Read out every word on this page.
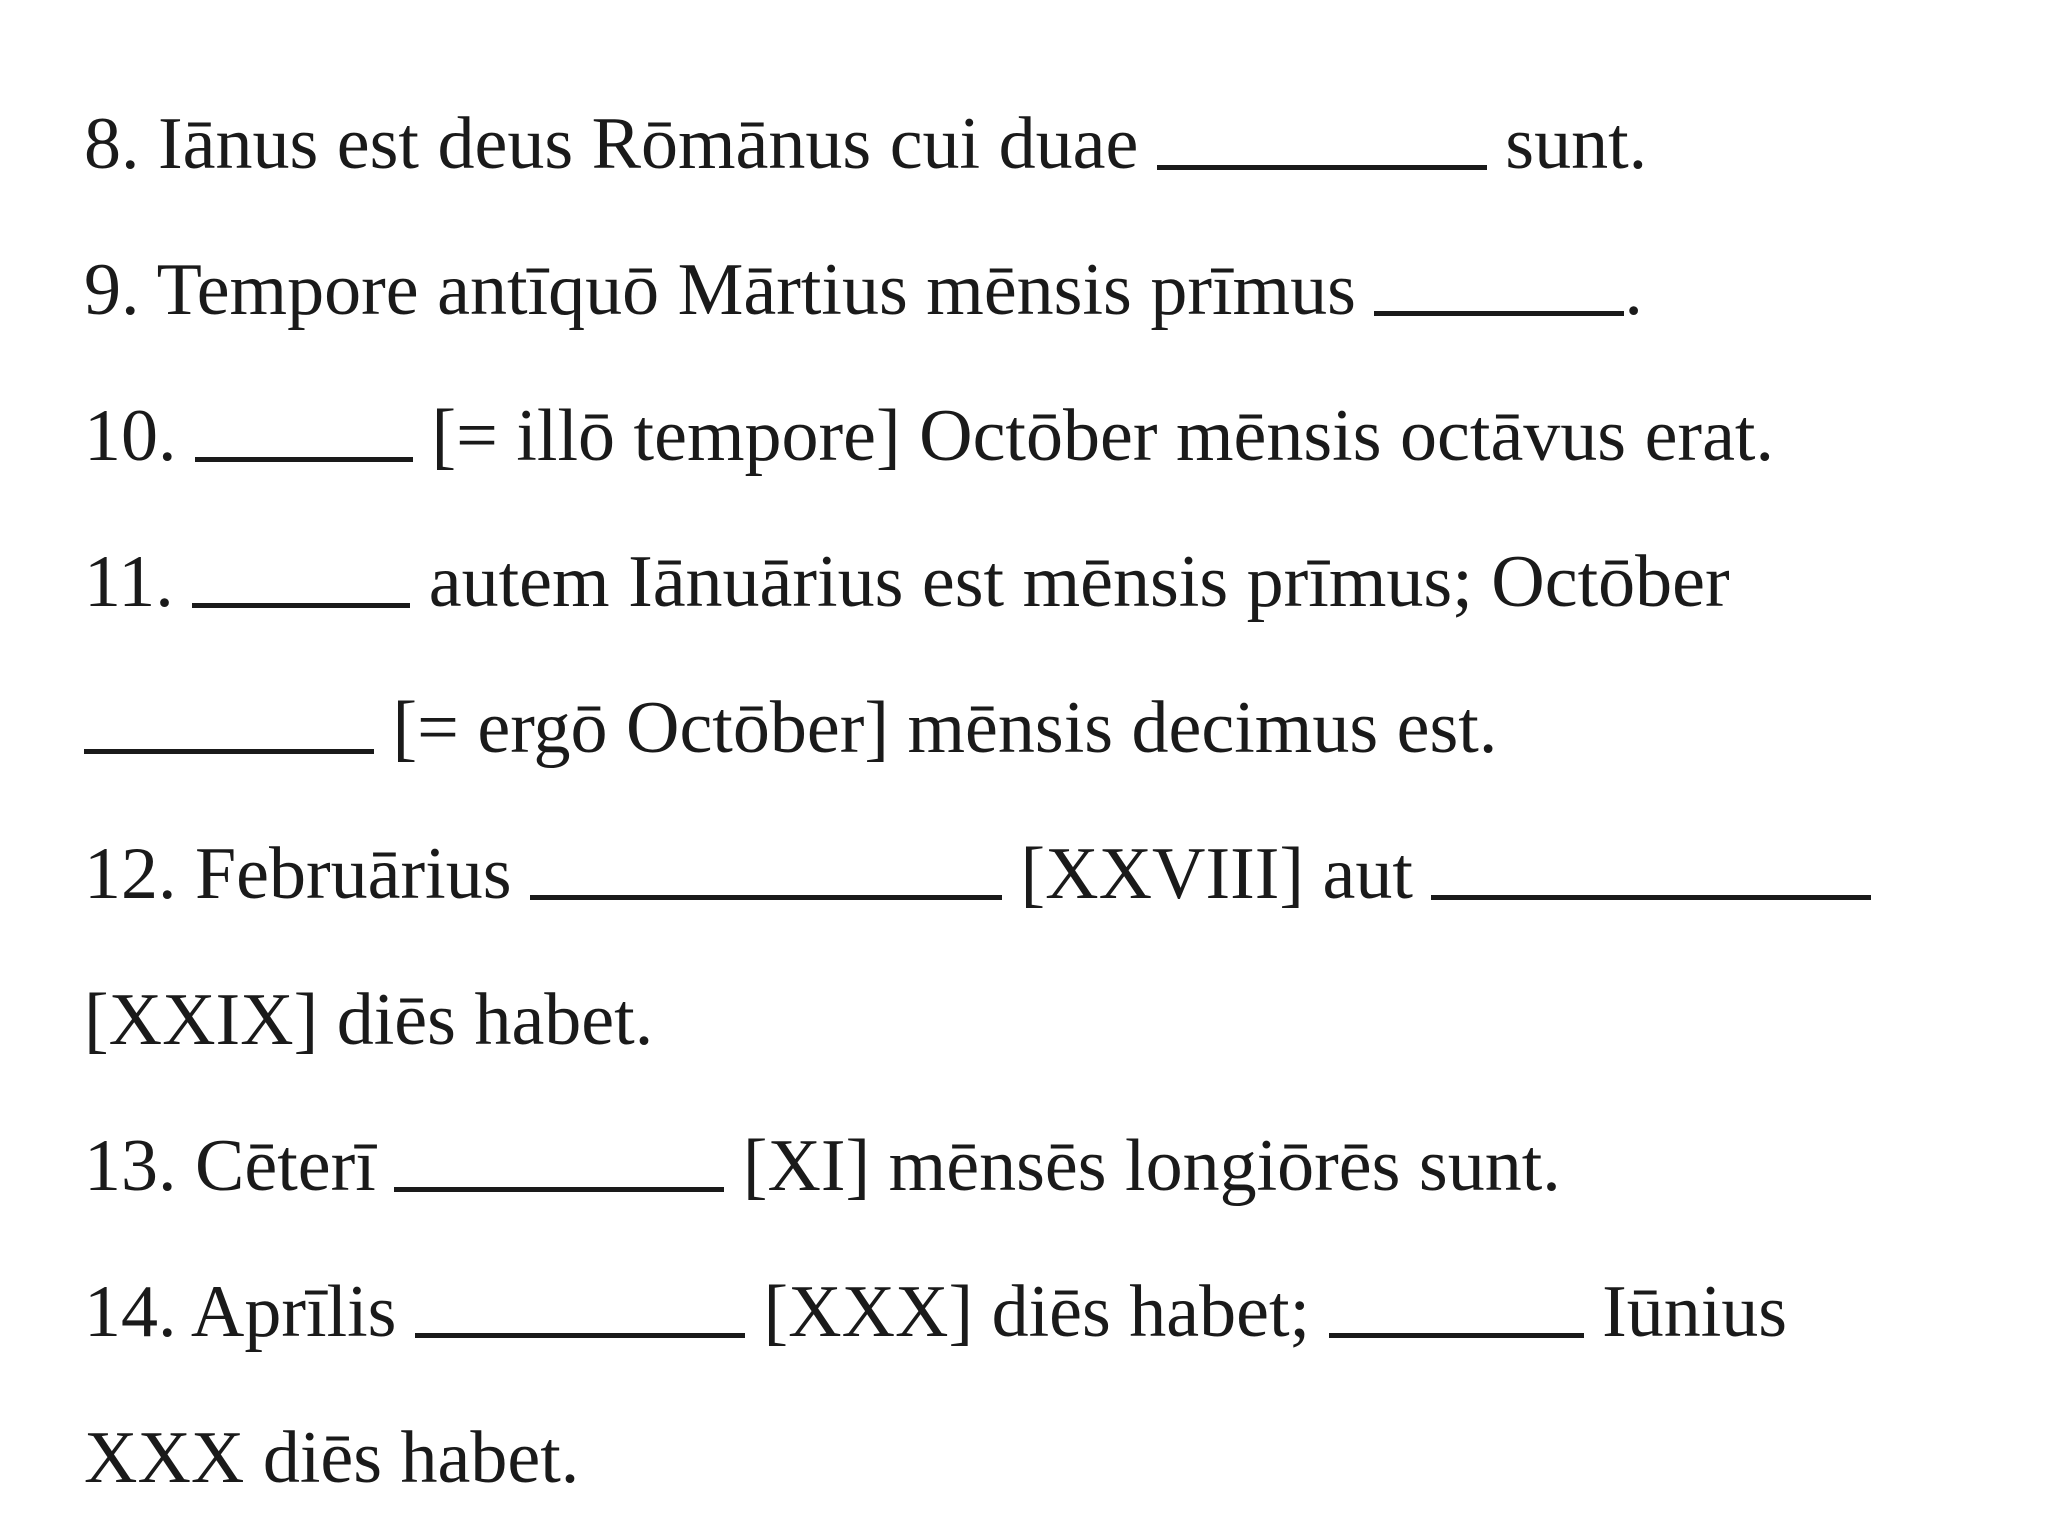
8. Iānus est deus Rōmānus cui duae	sunt.
9. Tempore antīquō Mārtius mēnsis prīmus	.
10.	[= illō tempore] Octōber mēnsis octāvus erat.
11.	autem Iānuārius est mēnsis prīmus; Octōber
[= ergō Octōber] mēnsis decimus est.
12. Februārius	[XXVIII] aut
[XXIX] diēs habet.
13. Cēterī	[XI] mēnsēs longiōrēs sunt.
14. Aprīlis	[XXX] diēs habet;	Iūnius
XXX diēs habet.
